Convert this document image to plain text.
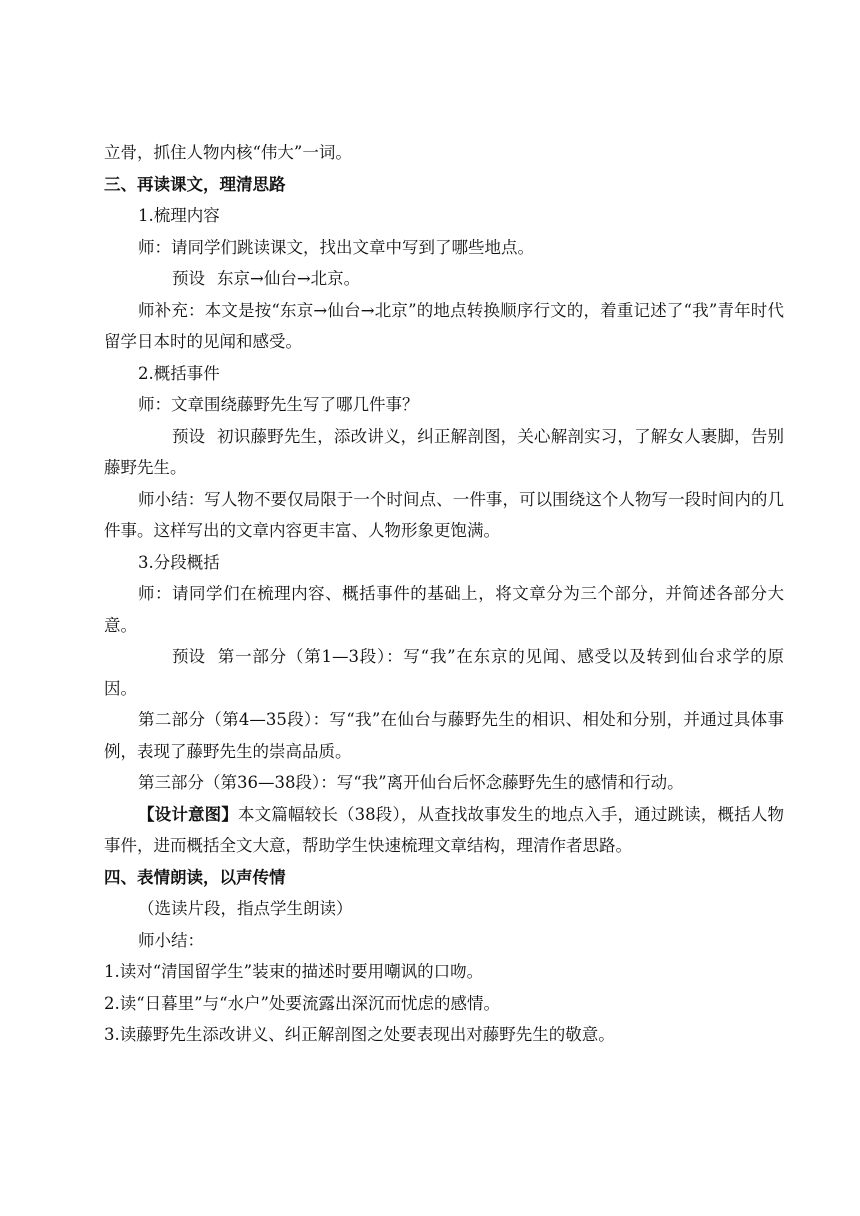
立骨，抓住人物内核“伟大”一词。

三、再读课文，理清思路

1.梳理内容

师：请同学们跳读课文，找出文章中写到了哪些地点。

预设 东京→仙台→北京。

师补充：本文是按“东京→仙台→北京”的地点转换顺序行文的，着重记述了“我”青年时代留学日本时的见闻和感受。

2.概括事件

师：文章围绕藤野先生写了哪几件事？

预设 初识藤野先生，添改讲义，纠正解剖图，关心解剖实习，了解女人裹脚，告别藤野先生。

师小结：写人物不要仅局限于一个时间点、一件事，可以围绕这个人物写一段时间内的几件事。这样写出的文章内容更丰富、人物形象更饱满。

3.分段概括

师：请同学们在梳理内容、概括事件的基础上，将文章分为三个部分，并简述各部分大意。

预设 第一部分（第1—3段）：写“我”在东京的见闻、感受以及转到仙台求学的原因。

第二部分（第4—35段）：写“我”在仙台与藤野先生的相识、相处和分别，并通过具体事例，表现了藤野先生的崇高品质。

第三部分（第36—38段）：写“我”离开仙台后怀念藤野先生的感情和行动。

【设计意图】本文篇幅较长（38段），从查找故事发生的地点入手，通过跳读，概括人物事件，进而概括全文大意，帮助学生快速梳理文章结构，理清作者思路。

四、表情朗读，以声传情

（选读片段，指点学生朗读）

师小结：

1.读对“清国留学生”装束的描述时要用嘲讽的口吻。

2.读“日暮里”与“水户”处要流露出深沉而忧虑的感情。

3.读藤野先生添改讲义、纠正解剖图之处要表现出对藤野先生的敬意。
